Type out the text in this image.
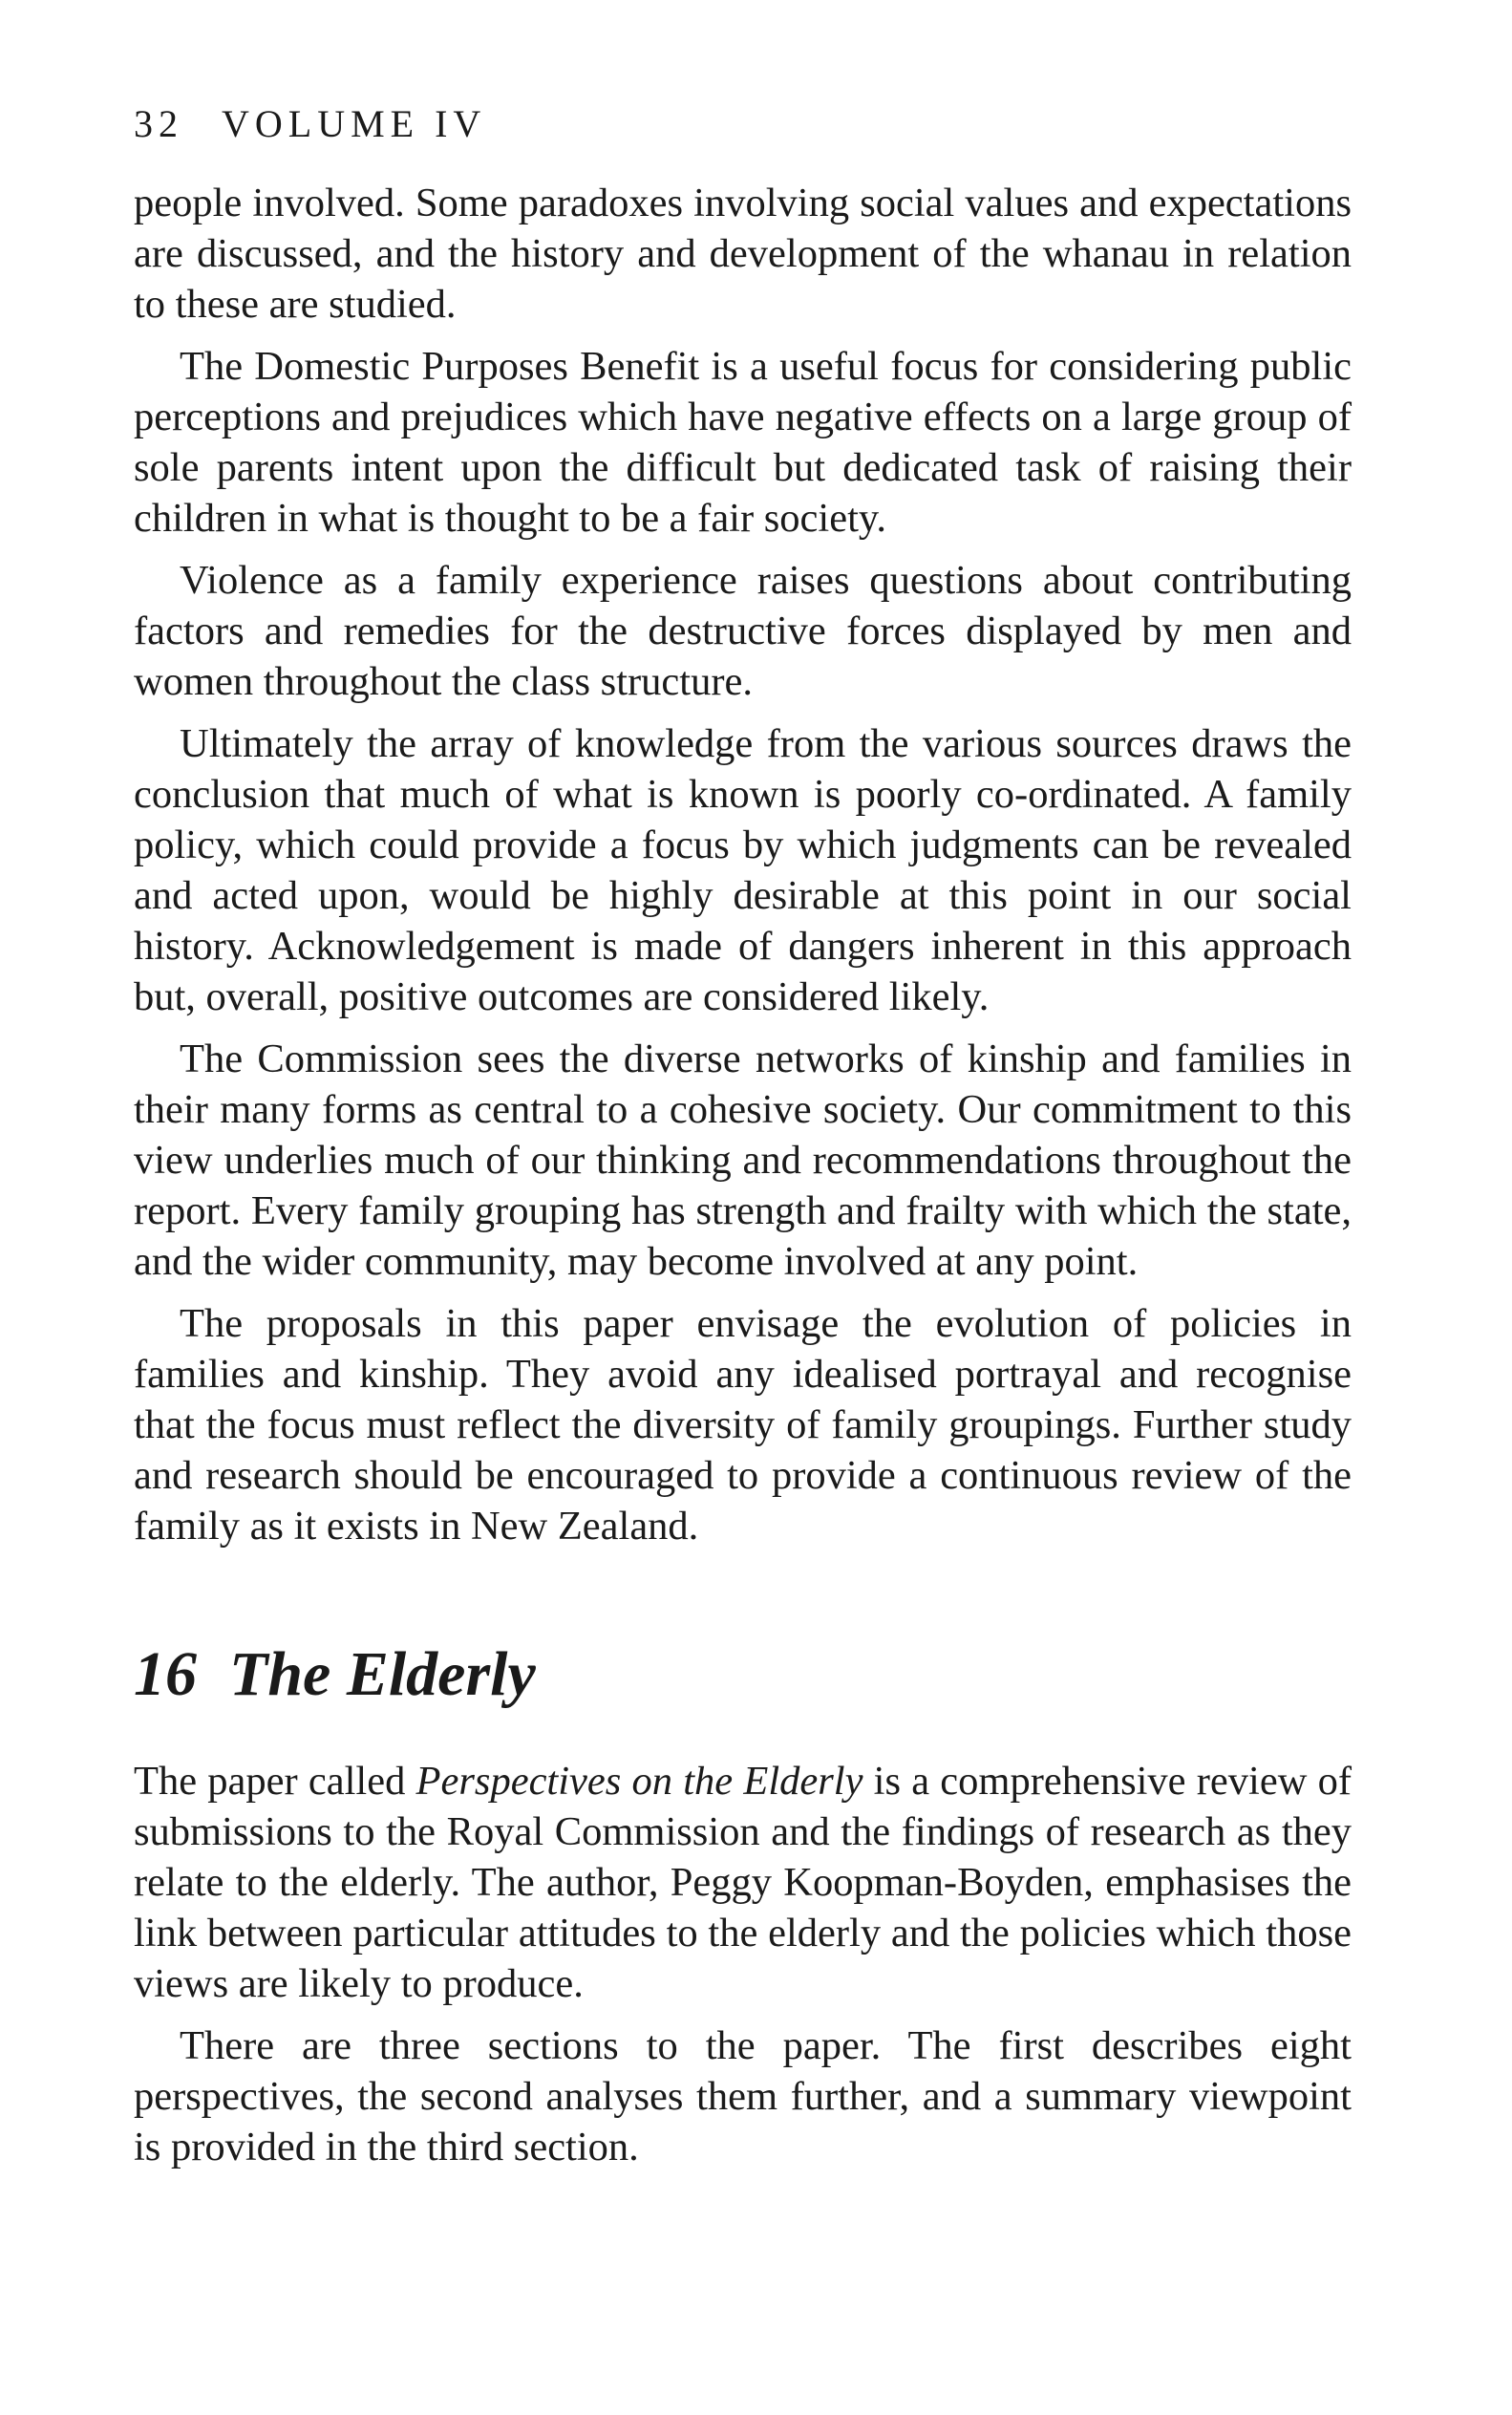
32 VOLUME IV

people involved. Some paradoxes involving social values and expectations are discussed, and the history and development of the whanau in relation to these are studied.

The Domestic Purposes Benefit is a useful focus for considering public perceptions and prejudices which have negative effects on a large group of sole parents intent upon the difficult but dedicated task of raising their children in what is thought to be a fair society.

Violence as a family experience raises questions about contributing factors and remedies for the destructive forces displayed by men and women throughout the class structure.

Ultimately the array of knowledge from the various sources draws the conclusion that much of what is known is poorly co-ordinated. A family policy, which could provide a focus by which judgments can be revealed and acted upon, would be highly desirable at this point in our social history. Acknowledgement is made of dangers inherent in this approach but, overall, positive outcomes are considered likely.

The Commission sees the diverse networks of kinship and families in their many forms as central to a cohesive society. Our commitment to this view underlies much of our thinking and recommendations throughout the report. Every family grouping has strength and frailty with which the state, and the wider community, may become involved at any point.

The proposals in this paper envisage the evolution of policies in families and kinship. They avoid any idealised portrayal and recognise that the focus must reflect the diversity of family groupings. Further study and research should be encouraged to provide a continuous review of the family as it exists in New Zealand.

16 The Elderly

The paper called Perspectives on the Elderly is a comprehensive review of submissions to the Royal Commission and the findings of research as they relate to the elderly. The author, Peggy Koopman-Boyden, emphasises the link between particular attitudes to the elderly and the policies which those views are likely to produce.

There are three sections to the paper. The first describes eight perspectives, the second analyses them further, and a summary viewpoint is provided in the third section.
